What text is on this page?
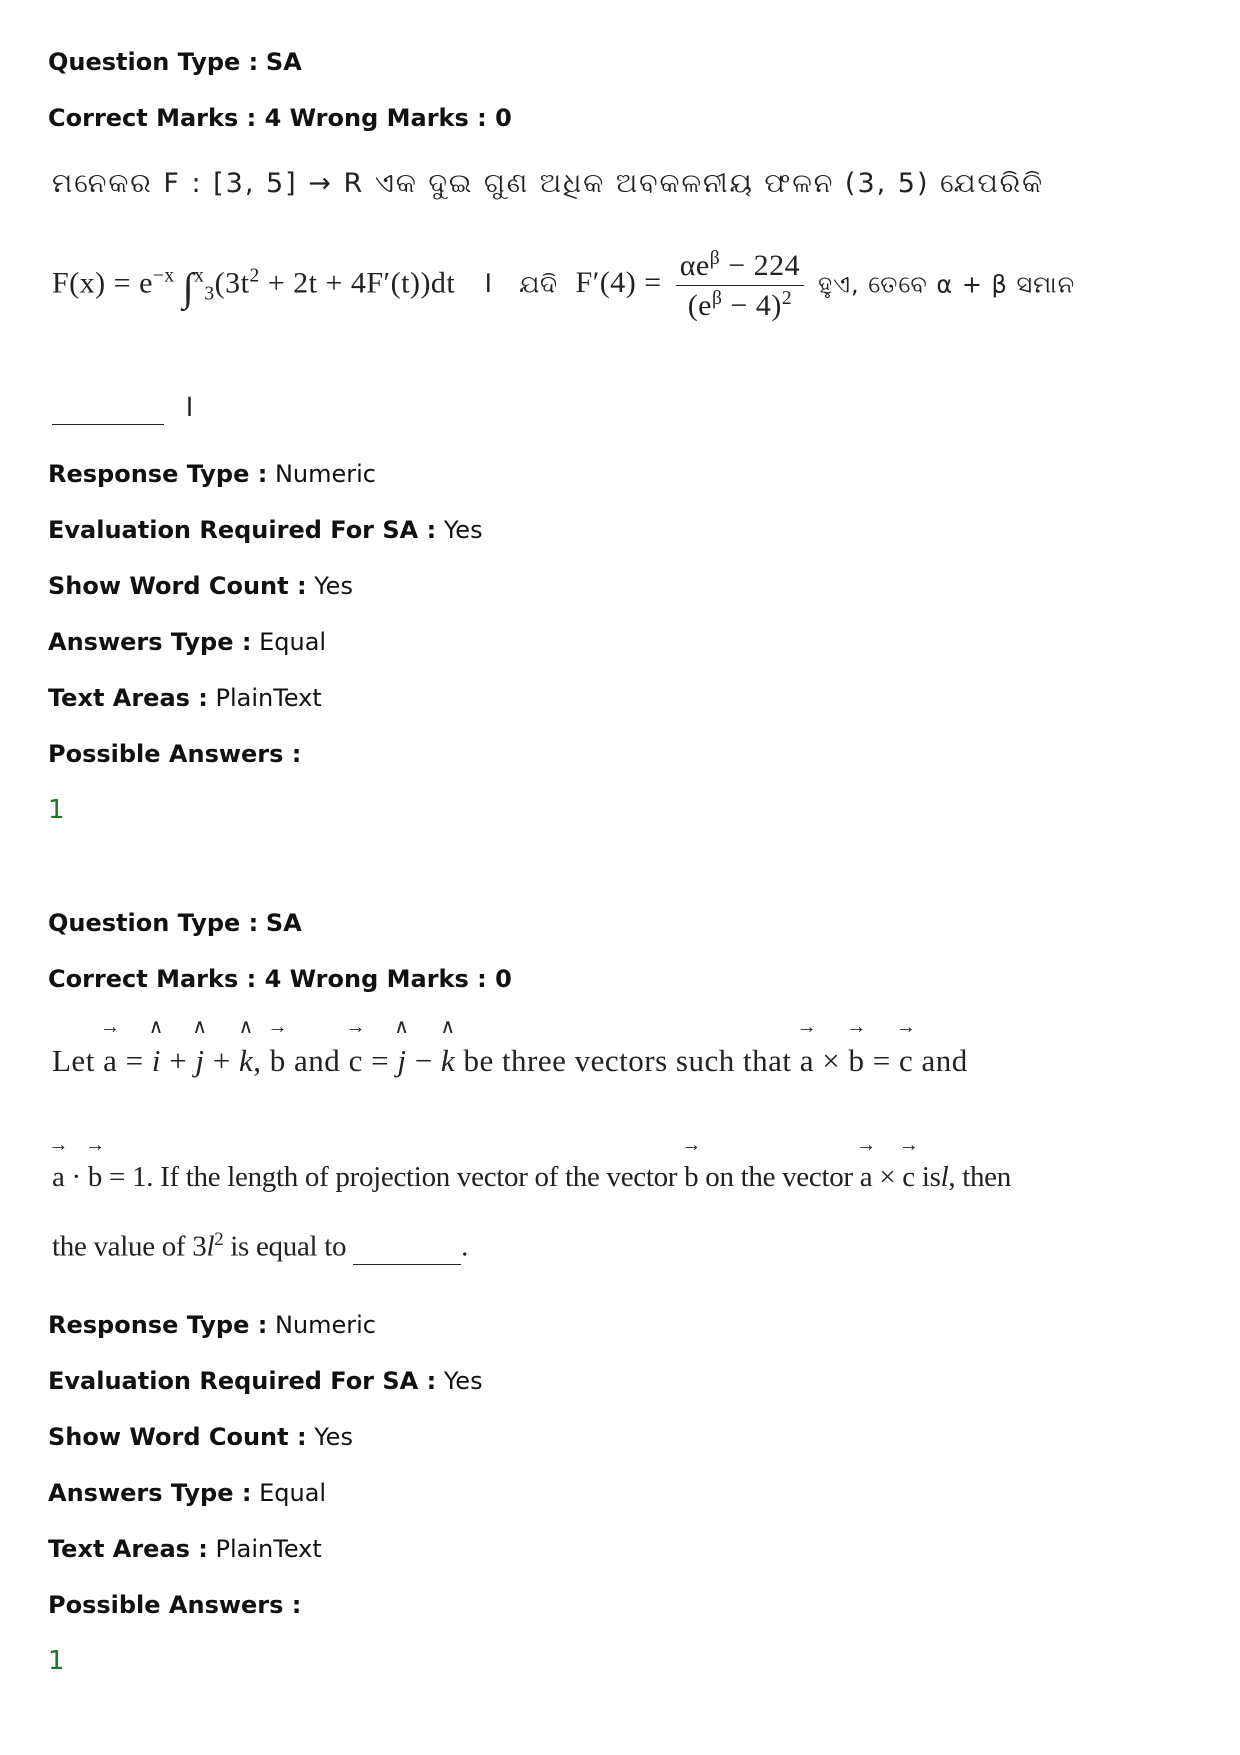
Question Type : SA
Correct Marks : 4 Wrong Marks : 0
ମନେକର F : [3, 5] → R ଏକ ଦୁଇ ଗୁଣ ଅଧିକ ଅବକଳନୀୟ ଫଳନ (3, 5) ଯେପରିକି
$F(x) = e^{-x}$ $\int^x_3(3t^2 + 2t + 4F'(t))dt$ । ଯଦି $F'(4) = \frac{\alpha e^\beta - 224}{(e^\beta - 4)^2}$ ହୁଏ, ତେବେ α + β ସମାନ
।
Response Type : Numeric
Evaluation Required For SA : Yes
Show Word Count : Yes
Answers Type : Equal
Text Areas : PlainText
Possible Answers :
1
Question Type : SA
Correct Marks : 4 Wrong Marks : 0
Let
→
a =
∧
i +
∧
j +
∧
k,
→
b and
→
c =
∧
j −
∧
k be three vectors such that
→
a ×
→
b =
→
c and
→
a ·
→
b = 1. If the length of projection vector of the vector
→
b on the vector
→
a ×
→
c isl, then
the value of $3l^2$ is equal to	.
Response Type : Numeric
Evaluation Required For SA : Yes
Show Word Count : Yes
Answers Type : Equal
Text Areas : PlainText
Possible Answers :
1
